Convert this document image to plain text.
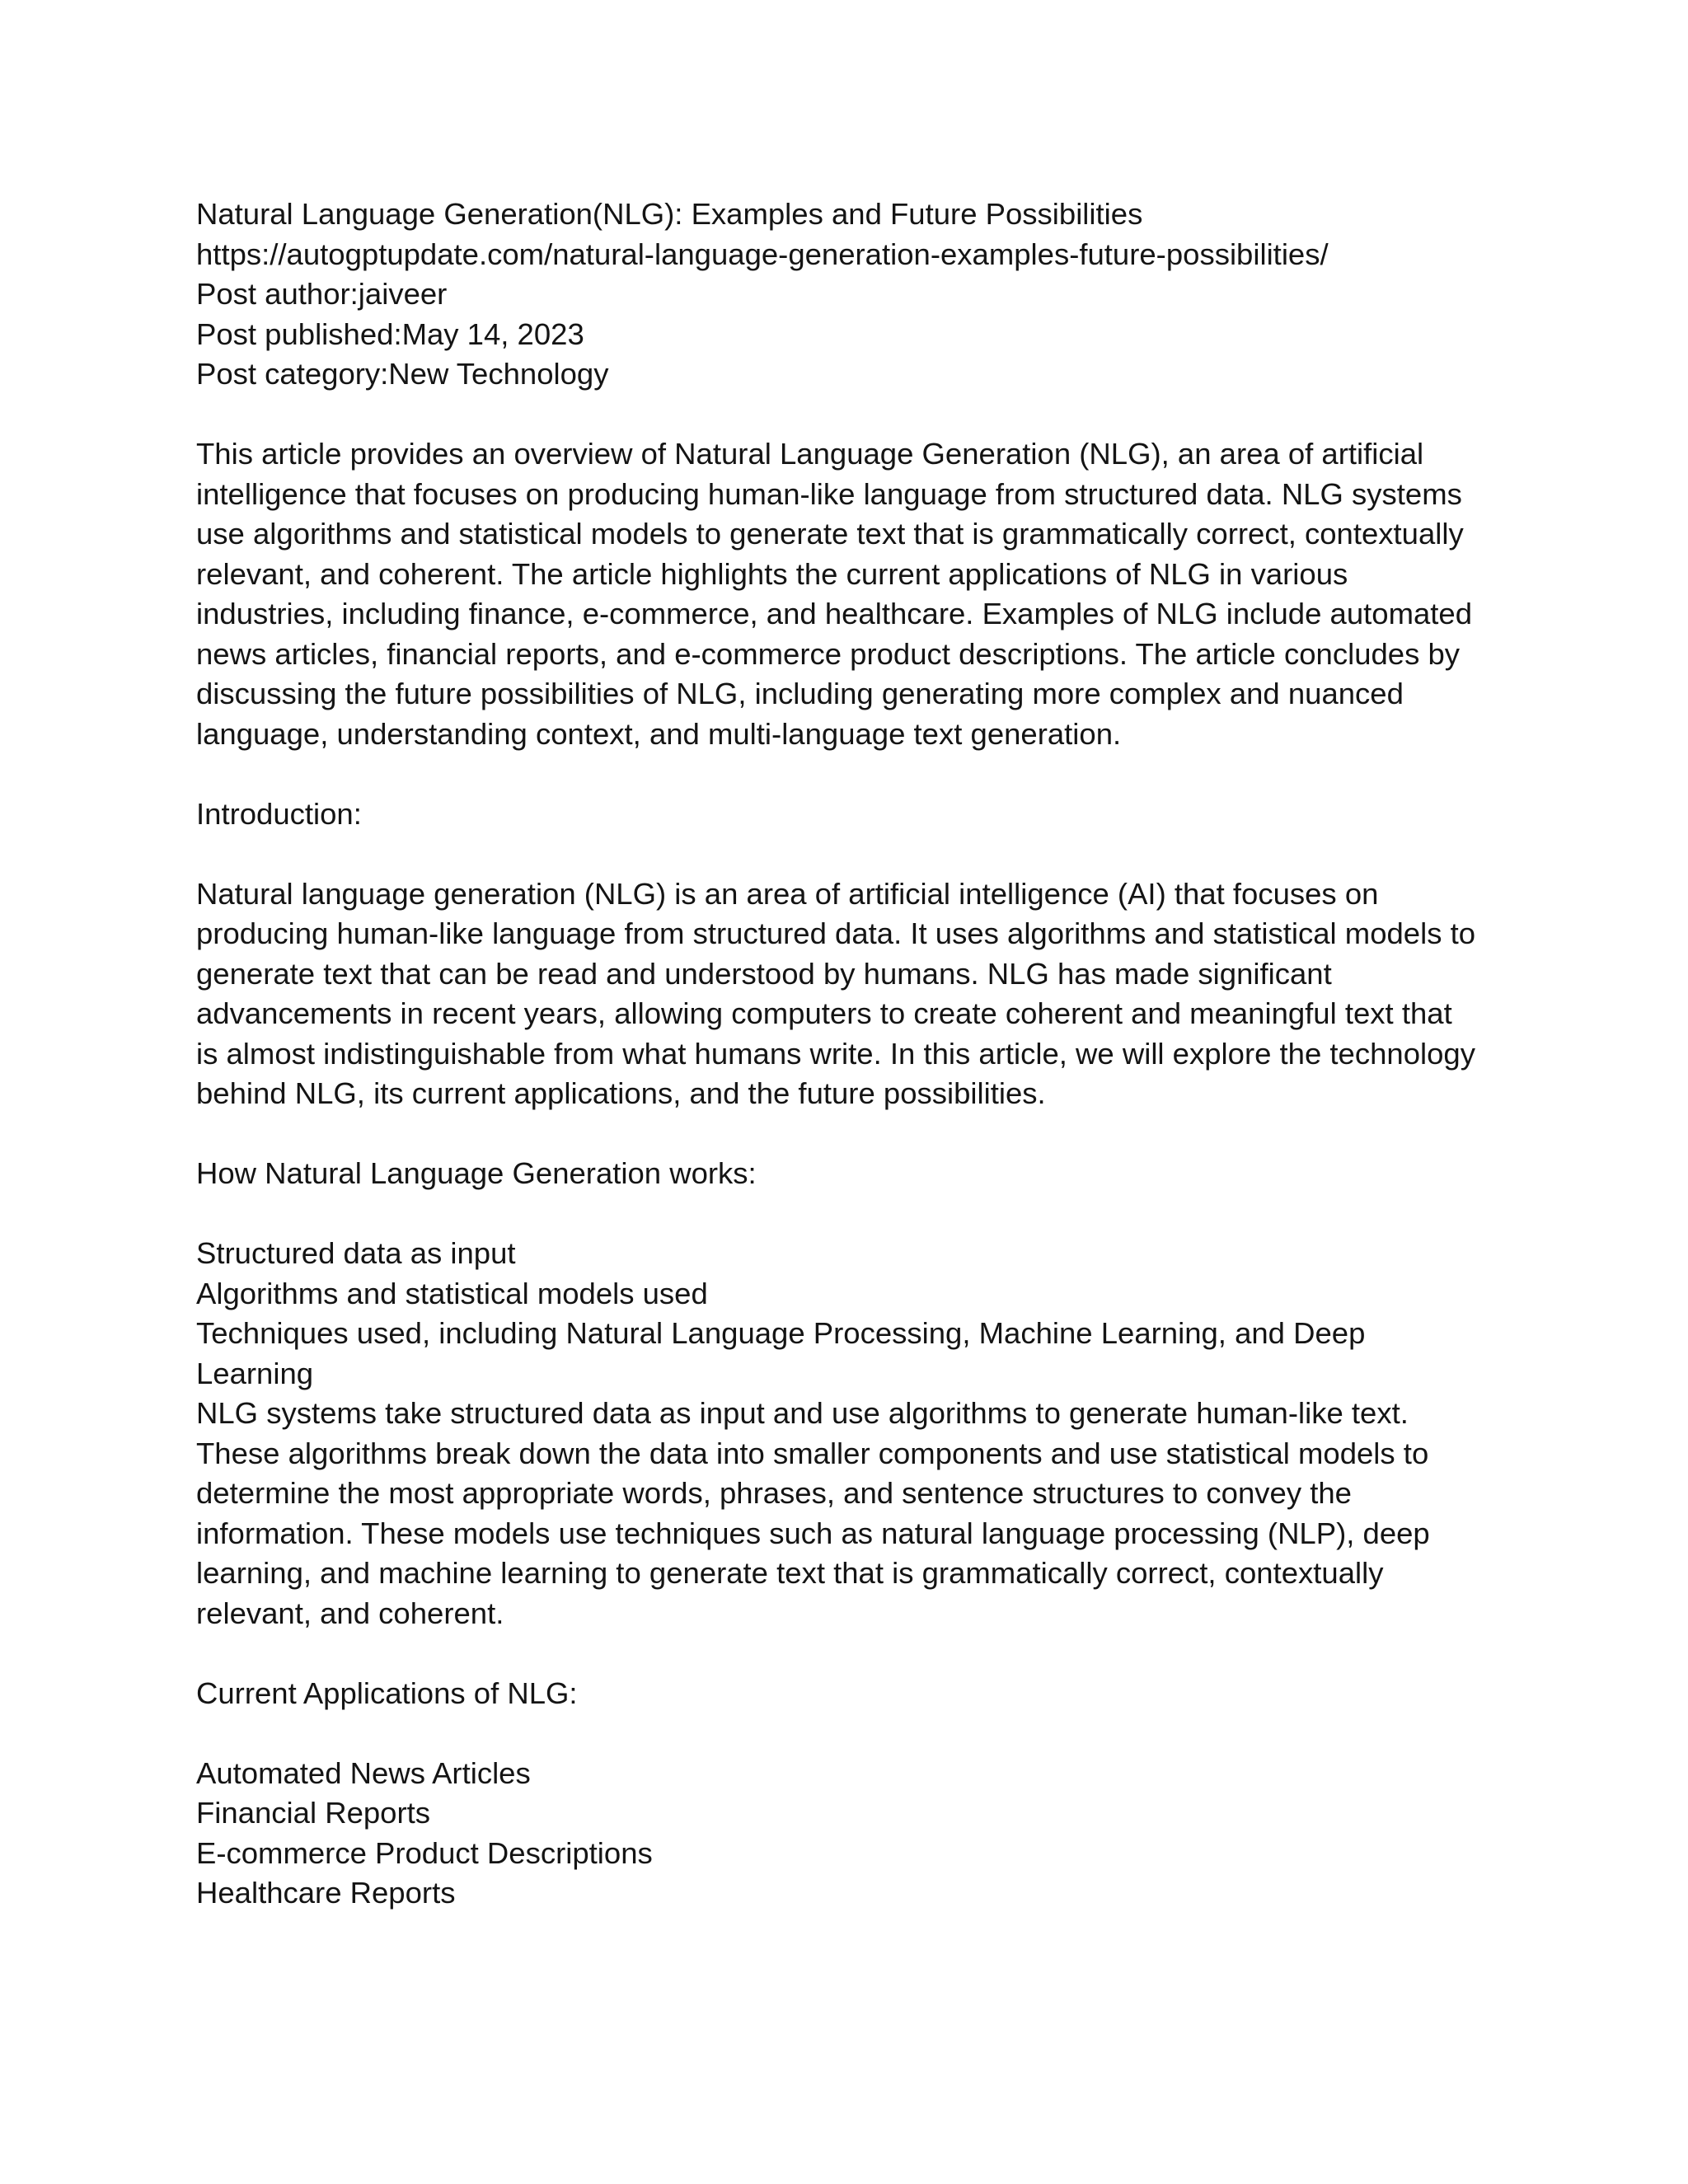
Natural Language Generation(NLG): Examples and Future Possibilities
https://autogptupdate.com/natural-language-generation-examples-future-possibilities/
Post author:jaiveer
Post published:May 14, 2023
Post category:New Technology
This article provides an overview of Natural Language Generation (NLG), an area of artificial
intelligence that focuses on producing human-like language from structured data. NLG systems
use algorithms and statistical models to generate text that is grammatically correct, contextually
relevant, and coherent. The article highlights the current applications of NLG in various
industries, including finance, e-commerce, and healthcare. Examples of NLG include automated
news articles, financial reports, and e-commerce product descriptions. The article concludes by
discussing the future possibilities of NLG, including generating more complex and nuanced
language, understanding context, and multi-language text generation.
Introduction:
Natural language generation (NLG) is an area of artificial intelligence (AI) that focuses on
producing human-like language from structured data. It uses algorithms and statistical models to
generate text that can be read and understood by humans. NLG has made significant
advancements in recent years, allowing computers to create coherent and meaningful text that
is almost indistinguishable from what humans write. In this article, we will explore the technology
behind NLG, its current applications, and the future possibilities.
How Natural Language Generation works:
Structured data as input
Algorithms and statistical models used
Techniques used, including Natural Language Processing, Machine Learning, and Deep
Learning
NLG systems take structured data as input and use algorithms to generate human-like text.
These algorithms break down the data into smaller components and use statistical models to
determine the most appropriate words, phrases, and sentence structures to convey the
information. These models use techniques such as natural language processing (NLP), deep
learning, and machine learning to generate text that is grammatically correct, contextually
relevant, and coherent.
Current Applications of NLG:
Automated News Articles
Financial Reports
E-commerce Product Descriptions
Healthcare Reports
